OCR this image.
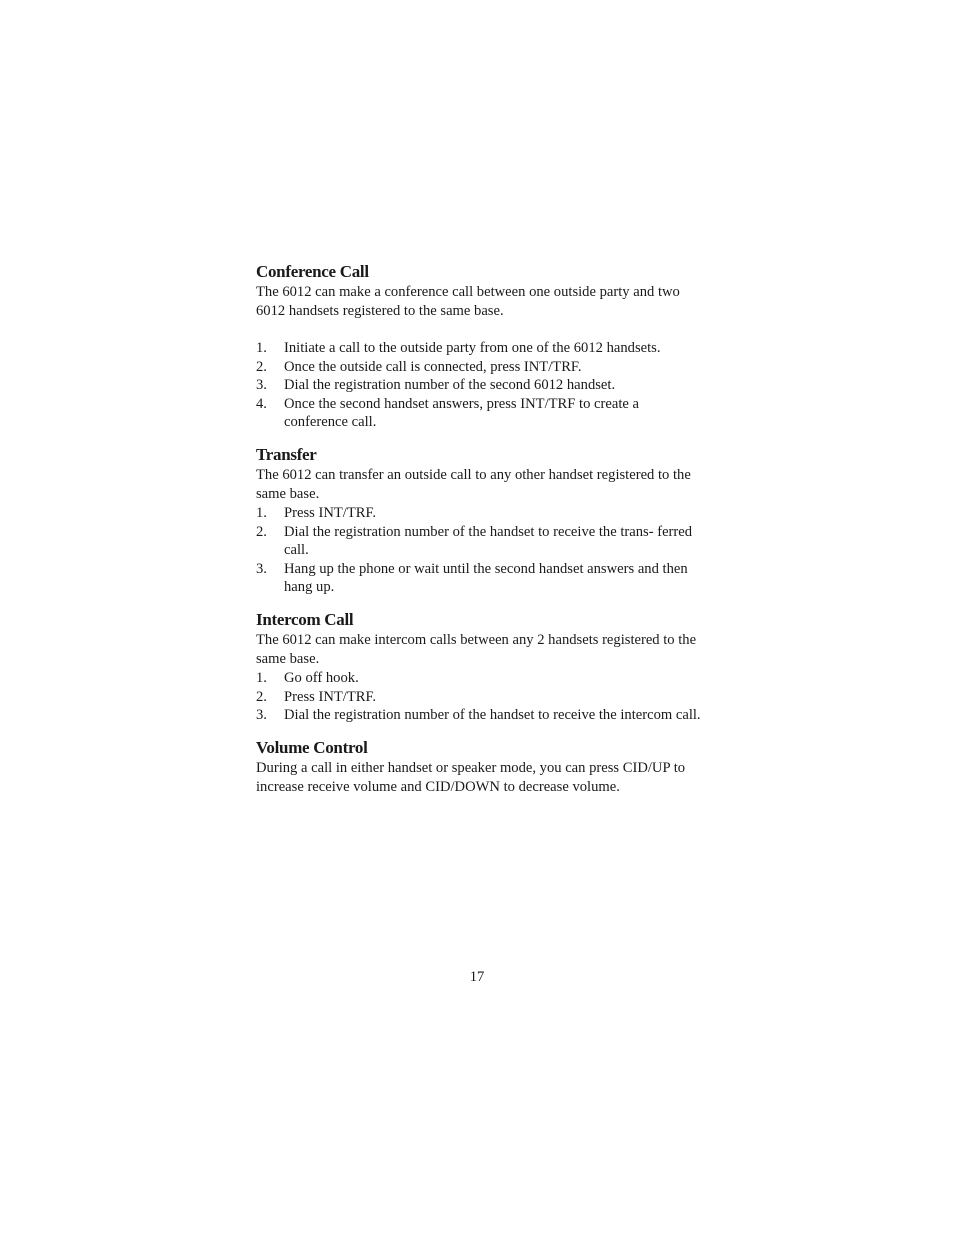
Conference Call

The 6012 can make a conference call between one outside party and two 6012 handsets registered to the same base.

1.	Initiate a call to the outside party from one of the 6012 handsets.
2.	Once the outside call is connected, press INT/TRF.
3.	Dial the registration number of the second 6012 handset.
4.	Once the second handset answers, press INT/TRF to create a conference call.
Transfer

The 6012 can transfer an outside call to any other handset registered to the same base.

1.	Press INT/TRF.
2.	Dial the registration number of the handset to receive the trans- ferred call.
3.	Hang up the phone or wait until the second handset answers and then hang up.
Intercom Call

The 6012 can make intercom calls between any 2 handsets registered to the same base.

1.	Go off hook.
2.	Press INT/TRF.
3.	Dial the registration number of the handset to receive the intercom call.
Volume Control

During a call in either handset or speaker mode, you can press CID/UP to increase receive volume and CID/DOWN to decrease volume.

17
